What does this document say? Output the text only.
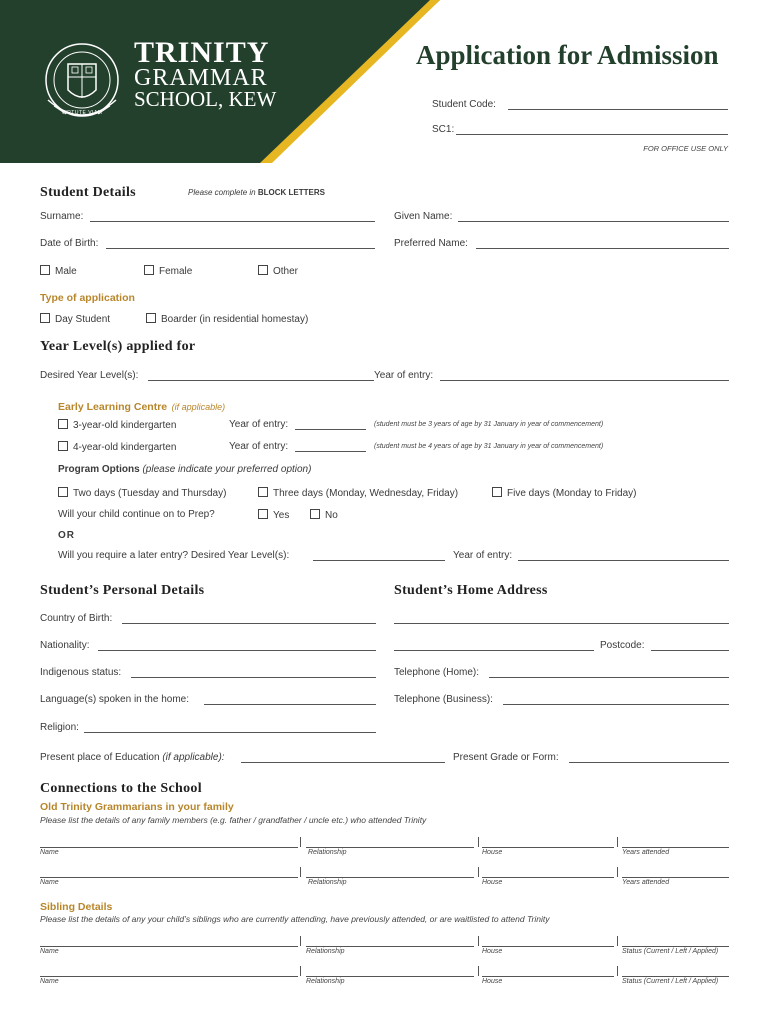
VIRTUTE VIAM
TRINITY
GRAMMAR
SCHOOL, KEW
Application for Admission
Student Code:
SC1:
FOR OFFICE USE ONLY
Student Details	Please complete in BLOCK LETTERS
Surname:	Given Name:
Date of Birth:	Preferred Name:
Male	Female	Other
Type of application
Day Student	Boarder (in residential homestay)
Year Level(s) applied for
Desired Year Level(s):	Year of entry:
Early Learning Centre (if applicable)
3-year-old kindergarten	Year of entry:	(student must be 3 years of age by 31 January in year of commencement)
4-year-old kindergarten	Year of entry:	(student must be 4 years of age by 31 January in year of commencement)
Program Options (please indicate your preferred option)
Two days (Tuesday and Thursday)	Three days (Monday, Wednesday, Friday)	Five days (Monday to Friday)
Will your child continue on to Prep?	Yes	No
OR
Will you require a later entry? Desired Year Level(s):	Year of entry:
Student’s Personal Details	Student’s Home Address
Country of Birth:
Nationality:	Postcode:
Indigenous status:	Telephone (Home):
Language(s) spoken in the home:	Telephone (Business):
Religion:
Present place of Education (if applicable):	Present Grade or Form:
Connections to the School
Old Trinity Grammarians in your family
Please list the details of any family members (e.g. father / grandfather / uncle etc.) who attended Trinity
Name	Relationship	House	Years attended
Name	Relationship	House	Years attended
Sibling Details
Please list the details of any your child’s siblings who are currently attending, have previously attended, or are waitlisted to attend Trinity
Name	Relationship	House	Status (Current / Left / Applied)
Name	Relationship	House	Status (Current / Left / Applied)
